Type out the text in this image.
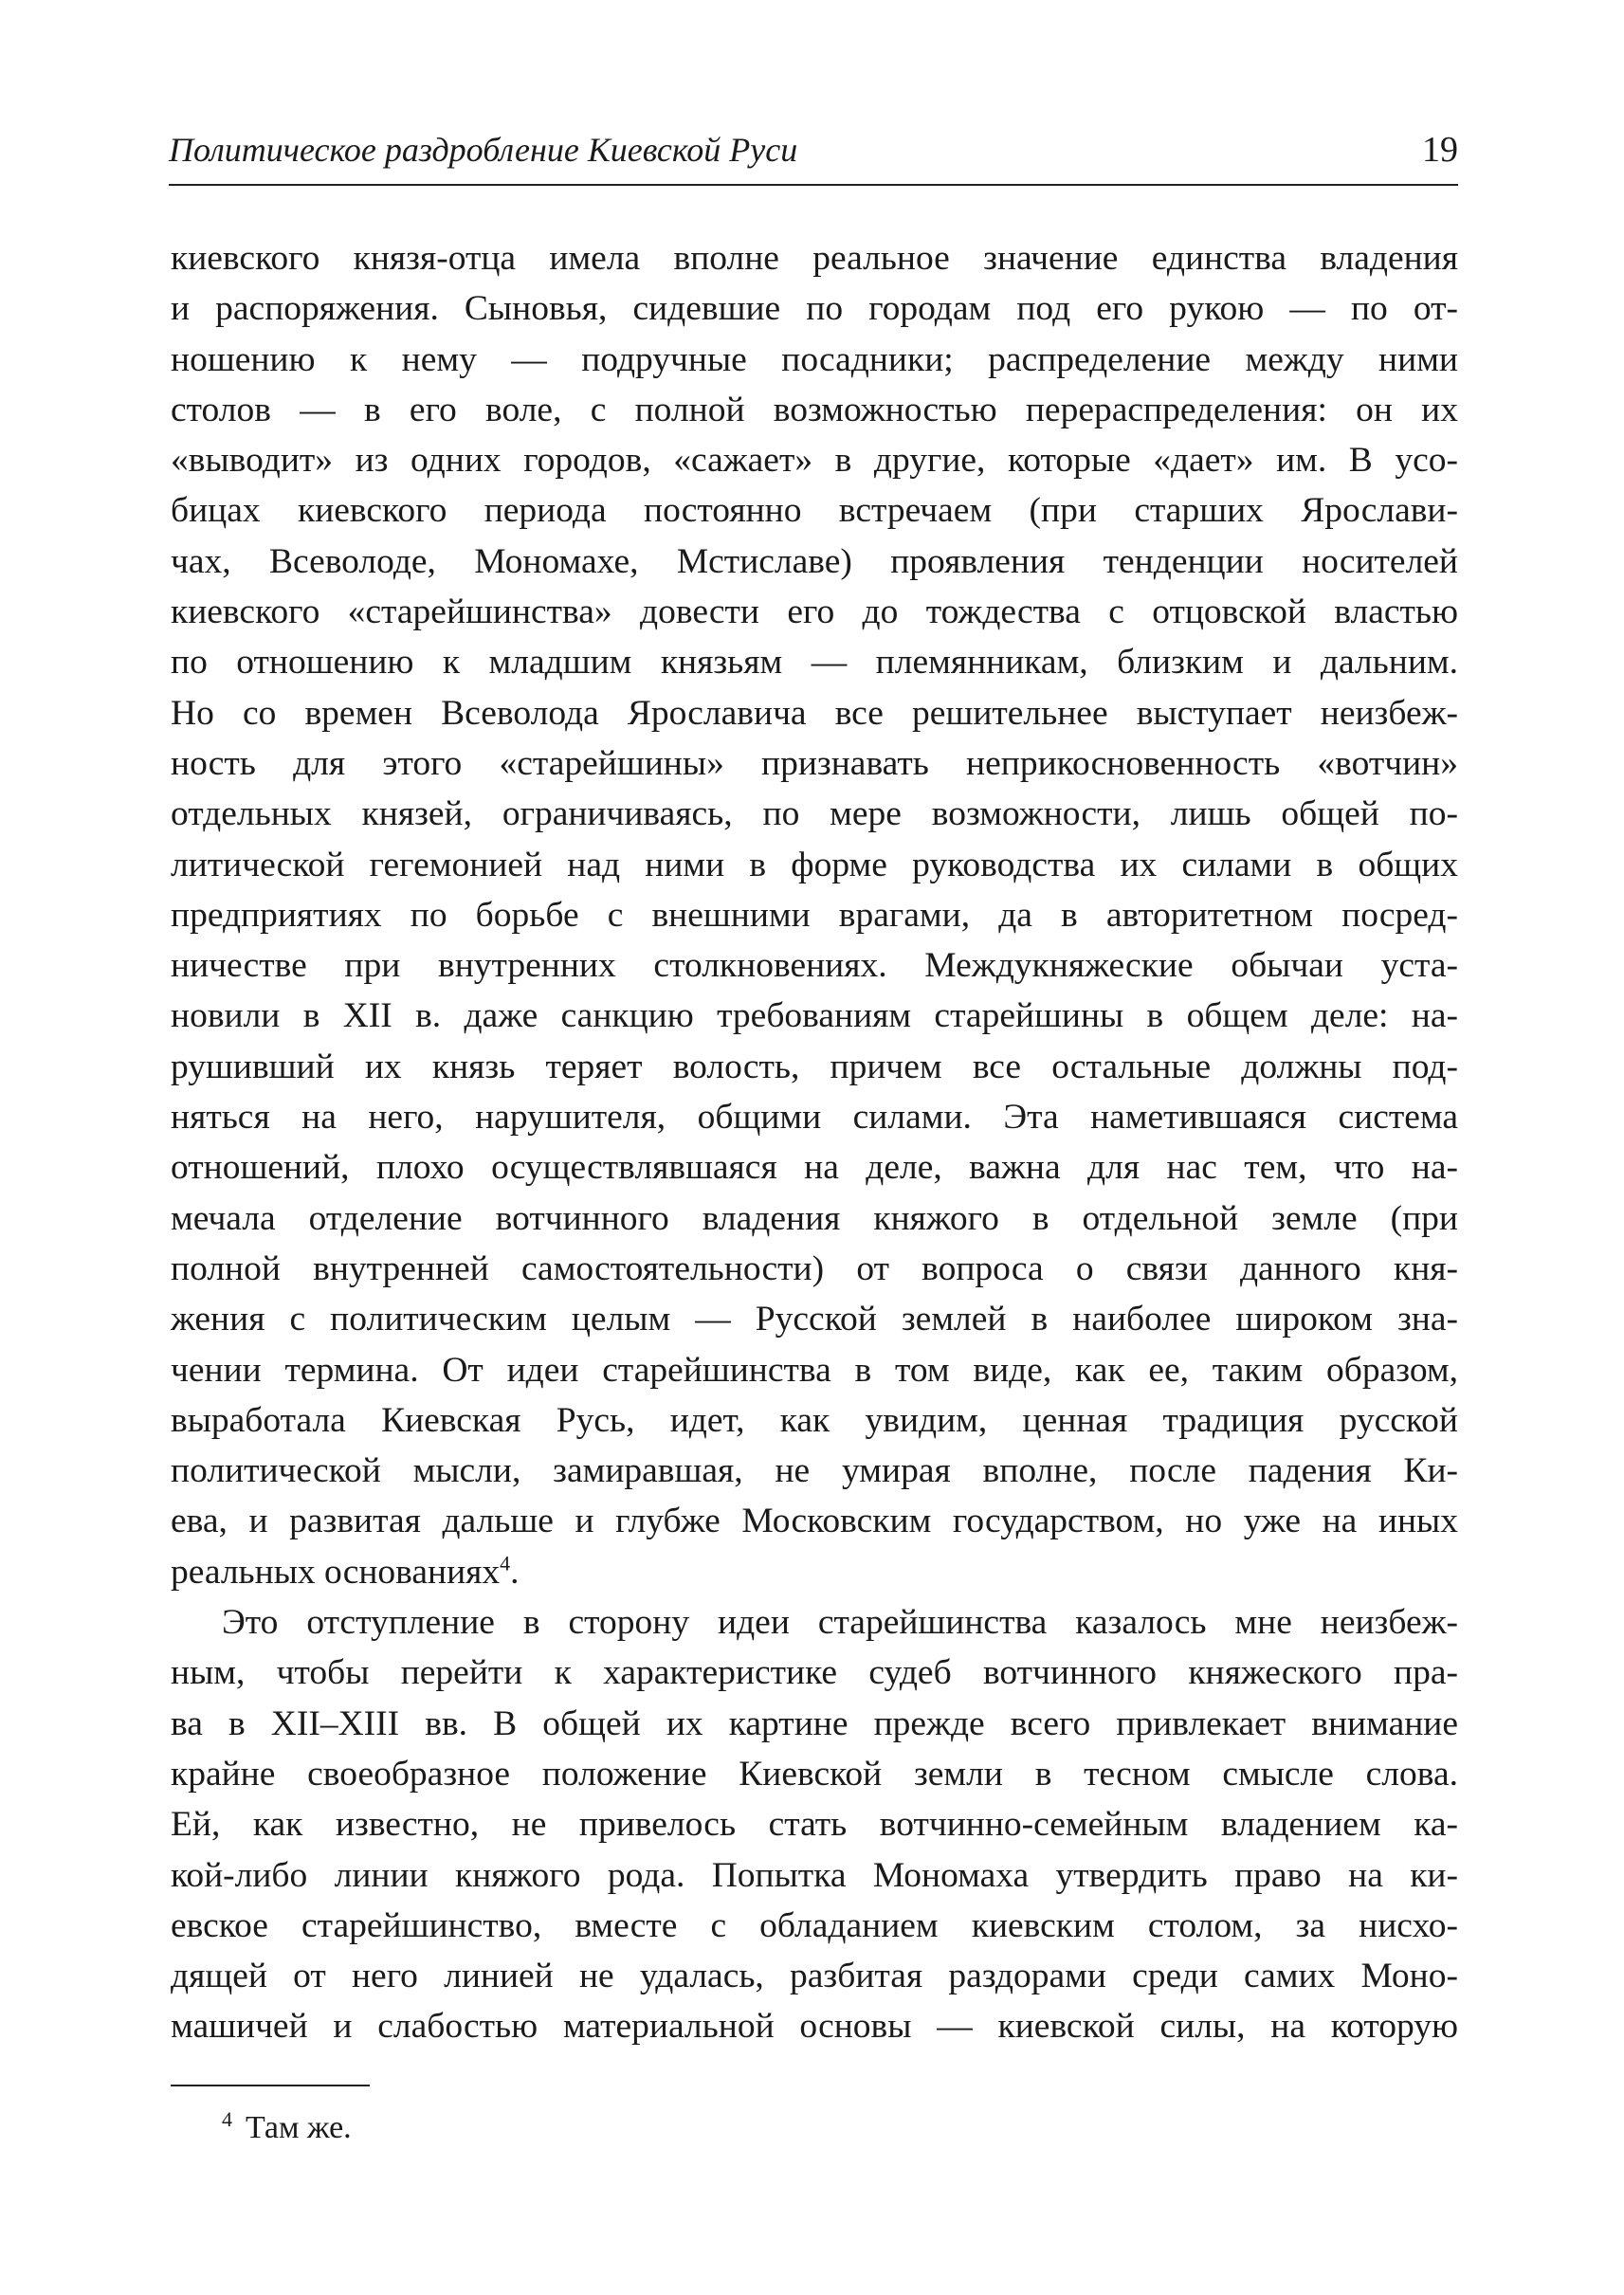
Политическое раздробление Киевской Руси	19
киевского князя-отца имела вполне реальное значение единства владения
и распоряжения. Сыновья, сидевшие по городам под его рукою — по от-
ношению к нему — подручные посадники; распределение между ними
столов — в его воле, с полной возможностью перераспределения: он их
«выводит» из одних городов, «сажает» в другие, которые «дает» им. В усо-
бицах киевского периода постоянно встречаем (при старших Ярослави-
чах, Всеволоде, Мономахе, Мстиславе) проявления тенденции носителей
киевского «старейшинства» довести его до тождества с отцовской властью
по отношению к младшим князьям — племянникам, близким и дальним.
Но со времен Всеволода Ярославича все решительнее выступает неизбеж-
ность для этого «старейшины» признавать неприкосновенность «вотчин»
отдельных князей, ограничиваясь, по мере возможности, лишь общей по-
литической гегемонией над ними в форме руководства их силами в общих
предприятиях по борьбе с внешними врагами, да в авторитетном посред-
ничестве при внутренних столкновениях. Междукняжеские обычаи уста-
новили в XII в. даже санкцию требованиям старейшины в общем деле: на-
рушивший их князь теряет волость, причем все остальные должны под-
няться на него, нарушителя, общими силами. Эта наметившаяся система
отношений, плохо осуществлявшаяся на деле, важна для нас тем, что на-
мечала отделение вотчинного владения княжого в отдельной земле (при
полной внутренней самостоятельности) от вопроса о связи данного кня-
жения с политическим целым — Русской землей в наиболее широком зна-
чении термина. От идеи старейшинства в том виде, как ее, таким образом,
выработала Киевская Русь, идет, как увидим, ценная традиция русской
политической мысли, замиравшая, не умирая вполне, после падения Ки-
ева, и развитая дальше и глубже Московским государством, но уже на иных
реальных основаниях$^4$.
Это отступление в сторону идеи старейшинства казалось мне неизбеж-
ным, чтобы перейти к характеристике судеб вотчинного княжеского пра-
ва в XII–XIII вв. В общей их картине прежде всего привлекает внимание
крайне своеобразное положение Киевской земли в тесном смысле слова.
Ей, как известно, не привелось стать вотчинно-семейным владением ка-
кой-либо линии княжого рода. Попытка Мономаха утвердить право на ки-
евское старейшинство, вместе с обладанием киевским столом, за нисхо-
дящей от него линией не удалась, разбитая раздорами среди самих Моно-
машичей и слабостью материальной основы — киевской силы, на которую
$^4$ Там же.
